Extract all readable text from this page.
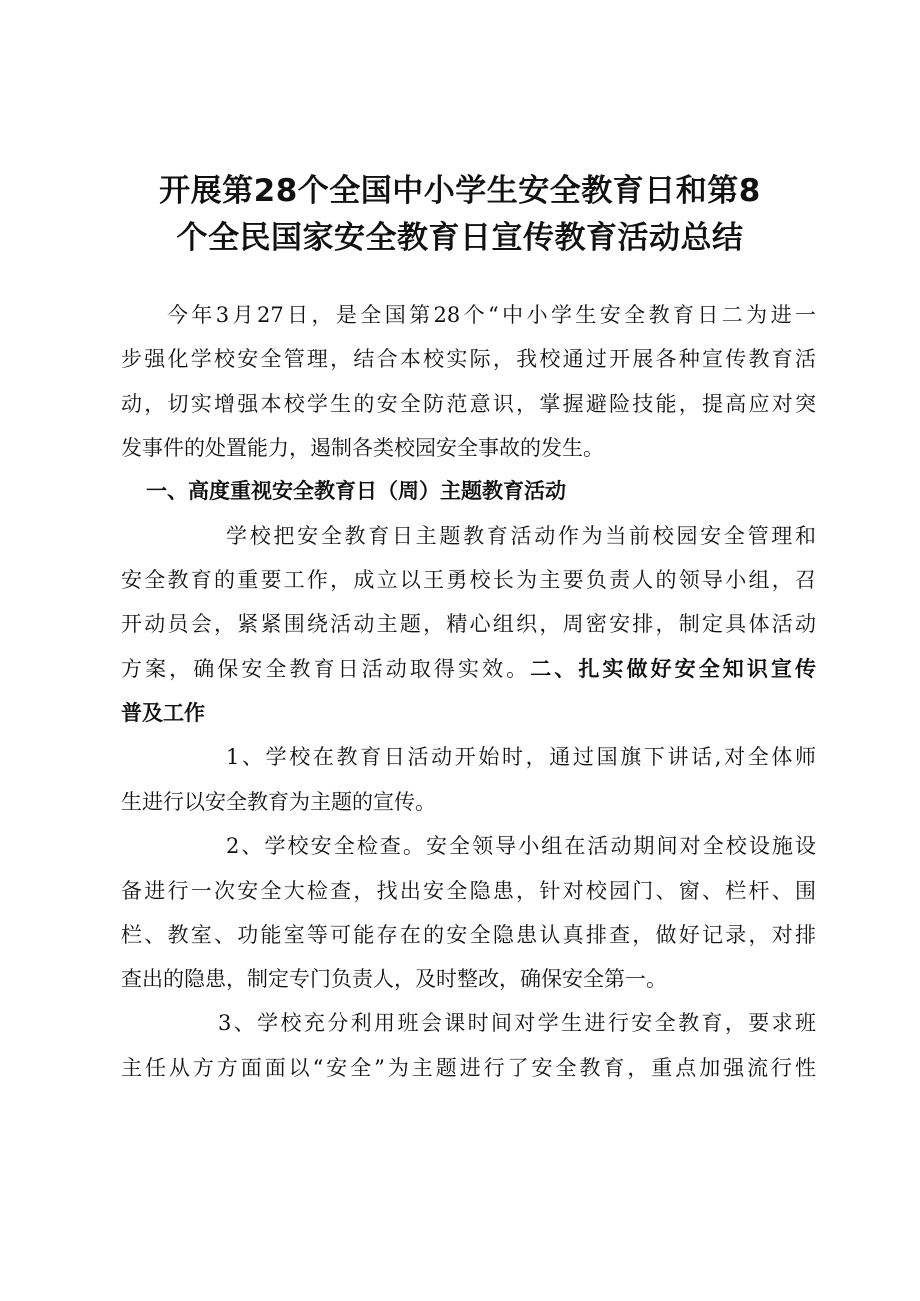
开展第28个全国中小学生安全教育日和第8
个全民国家安全教育日宣传教育活动总结
今年3月27日，是全国第28个“中小学生安全教育日二为进一
步强化学校安全管理，结合本校实际，我校通过开展各种宣传教育活
动，切实增强本校学生的安全防范意识，掌握避险技能，提高应对突
发事件的处置能力，遏制各类校园安全事故的发生。
一、高度重视安全教育日（周）主题教育活动
学校把安全教育日主题教育活动作为当前校园安全管理和
安全教育的重要工作，成立以王勇校长为主要负责人的领导小组，召
开动员会，紧紧围绕活动主题，精心组织，周密安排，制定具体活动
方案，确保安全教育日活动取得实效。二、扎实做好安全知识宣传
普及工作
1、学校在教育日活动开始时，通过国旗下讲话,对全体师
生进行以安全教育为主题的宣传。
2、学校安全检查。安全领导小组在活动期间对全校设施设
备进行一次安全大检查，找出安全隐患，针对校园门、窗、栏杆、围
栏、教室、功能室等可能存在的安全隐患认真排查，做好记录，对排
查出的隐患，制定专门负责人，及时整改，确保安全第一。
3、学校充分利用班会课时间对学生进行安全教育，要求班
主任从方方面面以“安全”为主题进行了安全教育，重点加强流行性
